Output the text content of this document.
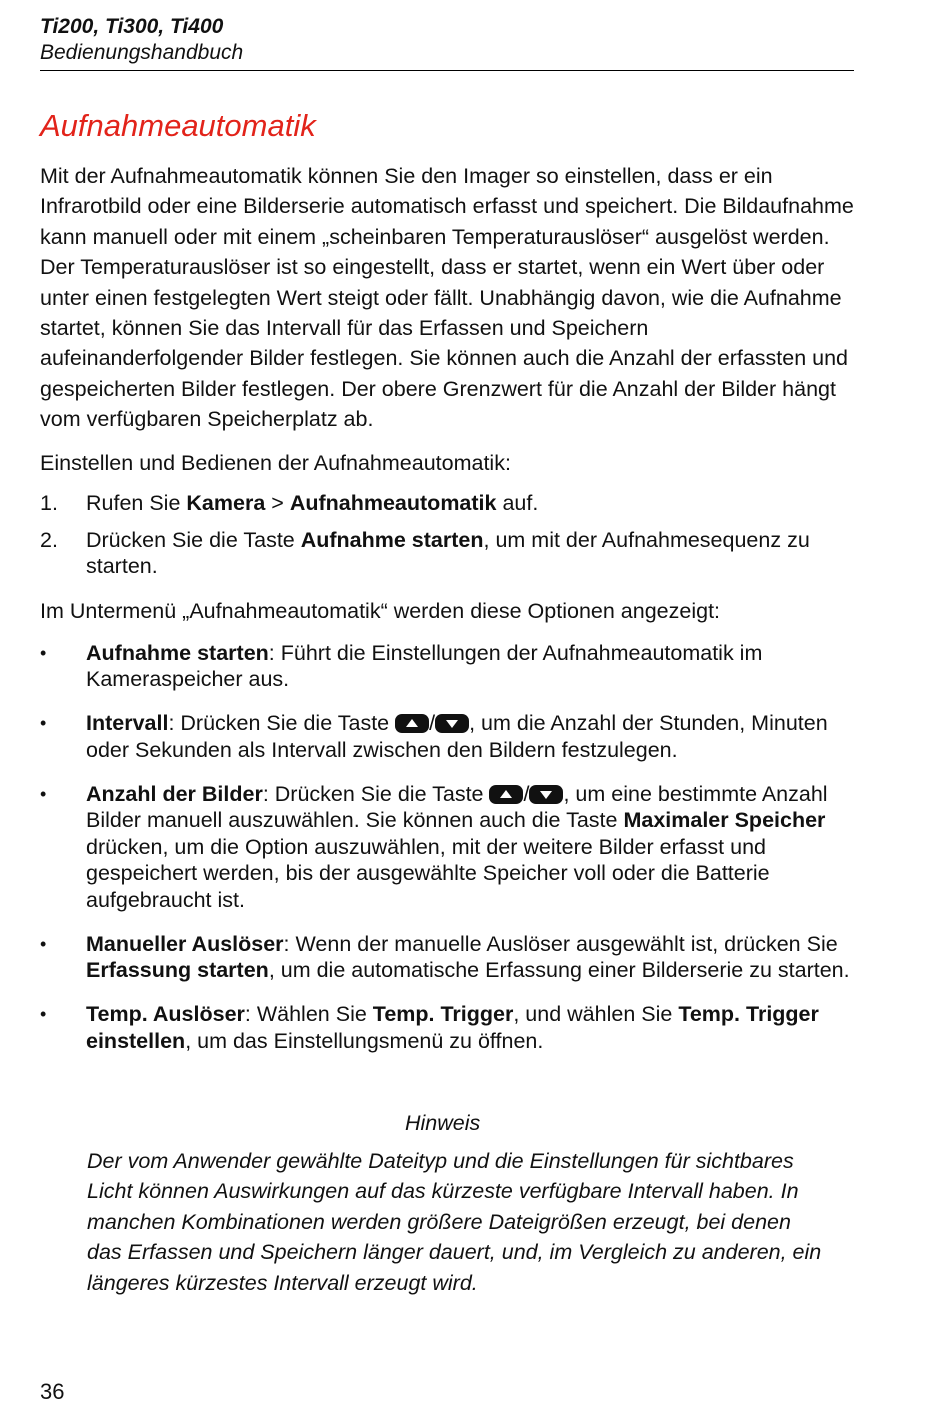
Ti200, Ti300, Ti400
Bedienungshandbuch
Aufnahmeautomatik

Mit der Aufnahmeautomatik können Sie den Imager so einstellen, dass er ein Infrarotbild oder eine Bilderserie automatisch erfasst und speichert. Die Bildaufnahme kann manuell oder mit einem „scheinbaren Temperaturauslöser“ ausgelöst werden. Der Temperaturauslöser ist so eingestellt, dass er startet, wenn ein Wert über oder unter einen festgelegten Wert steigt oder fällt. Unabhängig davon, wie die Aufnahme startet, können Sie das Intervall für das Erfassen und Speichern aufeinanderfolgender Bilder festlegen. Sie können auch die Anzahl der erfassten und gespeicherten Bilder festlegen. Der obere Grenzwert für die Anzahl der Bilder hängt vom verfügbaren Speicherplatz ab.

Einstellen und Bedienen der Aufnahmeautomatik:

1. Rufen Sie Kamera > Aufnahmeautomatik auf.
2. Drücken Sie die Taste Aufnahme starten, um mit der Aufnahmesequenz zu starten.

Im Untermenü „Aufnahmeautomatik“ werden diese Optionen angezeigt:

• Aufnahme starten: Führt die Einstellungen der Aufnahmeautomatik im Kameraspeicher aus.
• Intervall: Drücken Sie die Taste / , um die Anzahl der Stunden, Minuten oder Sekunden als Intervall zwischen den Bildern festzulegen.
• Anzahl der Bilder: Drücken Sie die Taste / , um eine bestimmte Anzahl Bilder manuell auszuwählen. Sie können auch die Taste Maximaler Speicher drücken, um die Option auszuwählen, mit der weitere Bilder erfasst und gespeichert werden, bis der ausgewählte Speicher voll oder die Batterie aufgebraucht ist.
• Manueller Auslöser: Wenn der manuelle Auslöser ausgewählt ist, drücken Sie Erfassung starten, um die automatische Erfassung einer Bilderserie zu starten.
• Temp. Auslöser: Wählen Sie Temp. Trigger, und wählen Sie Temp. Trigger einstellen, um das Einstellungsmenü zu öffnen.
Hinweis
Der vom Anwender gewählte Dateityp und die Einstellungen für sichtbares Licht können Auswirkungen auf das kürzeste verfügbare Intervall haben. In manchen Kombinationen werden größere Dateigrößen erzeugt, bei denen das Erfassen und Speichern länger dauert, und, im Vergleich zu anderen, ein längeres kürzestes Intervall erzeugt wird.
36
